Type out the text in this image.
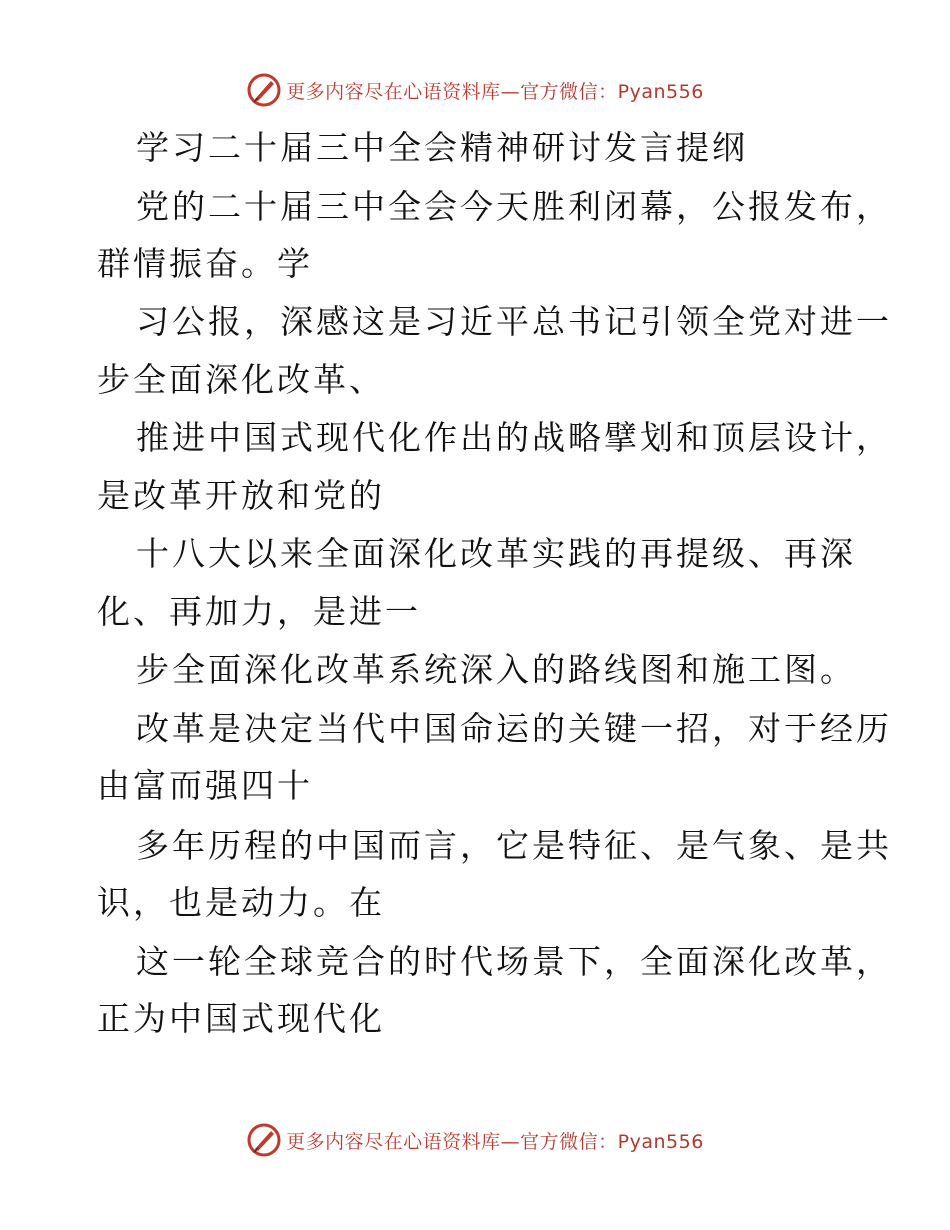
更多内容尽在心语资料库—官方微信：Pyan556
学习二十届三中全会精神研讨发言提纲
党的二十届三中全会今天胜利闭幕，公报发布，
群情振奋。学
习公报，深感这是习近平总书记引领全党对进一
步全面深化改革、
推进中国式现代化作出的战略擘划和顶层设计，
是改革开放和党的
十八大以来全面深化改革实践的再提级、再深
化、再加力，是进一
步全面深化改革系统深入的路线图和施工图。
改革是决定当代中国命运的关键一招，对于经历
由富而强四十
多年历程的中国而言，它是特征、是气象、是共
识，也是动力。在
这一轮全球竞合的时代场景下，全面深化改革，
正为中国式现代化
更多内容尽在心语资料库—官方微信：Pyan556
